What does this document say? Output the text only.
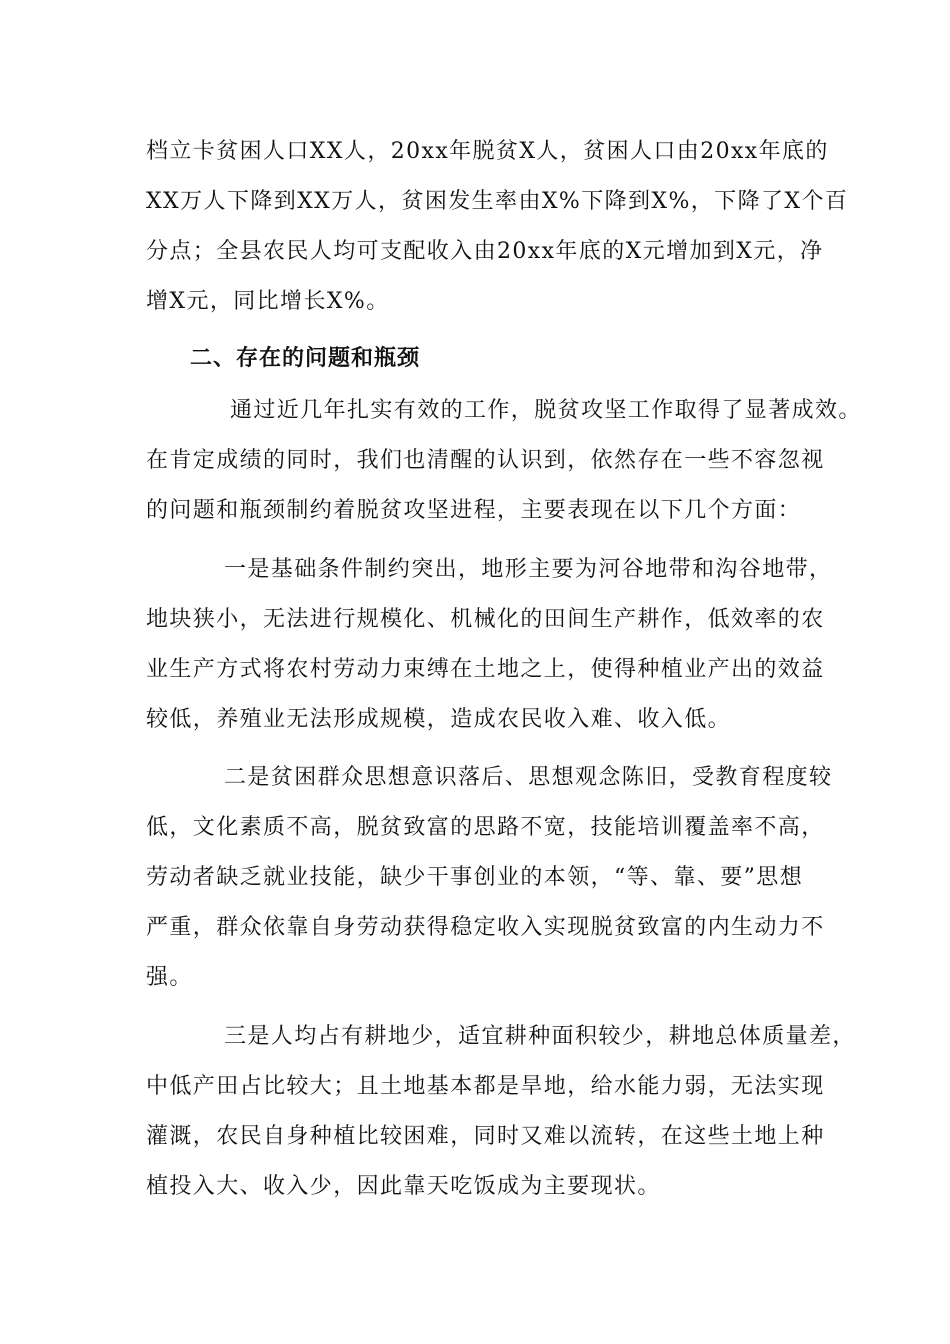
档立卡贫困人口XX人，20xx年脱贫X人，贫困人口由20xx年底的
XX万人下降到XX万人，贫困发生率由X%下降到X%，下降了X个百
分点；全县农民人均可支配收入由20xx年底的X元增加到X元，净
增X元，同比增长X%。
二、存在的问题和瓶颈
通过近几年扎实有效的工作，脱贫攻坚工作取得了显著成效。
在肯定成绩的同时，我们也清醒的认识到，依然存在一些不容忽视
的问题和瓶颈制约着脱贫攻坚进程，主要表现在以下几个方面：
一是基础条件制约突出，地形主要为河谷地带和沟谷地带，
地块狭小，无法进行规模化、机械化的田间生产耕作，低效率的农
业生产方式将农村劳动力束缚在土地之上，使得种植业产出的效益
较低，养殖业无法形成规模，造成农民收入难、收入低。
二是贫困群众思想意识落后、思想观念陈旧，受教育程度较
低，文化素质不高，脱贫致富的思路不宽，技能培训覆盖率不高，
劳动者缺乏就业技能，缺少干事创业的本领，“等、靠、要”思想
严重，群众依靠自身劳动获得稳定收入实现脱贫致富的内生动力不
强。
三是人均占有耕地少，适宜耕种面积较少，耕地总体质量差，
中低产田占比较大；且土地基本都是旱地，给水能力弱，无法实现
灌溉，农民自身种植比较困难，同时又难以流转，在这些土地上种
植投入大、收入少，因此靠天吃饭成为主要现状。
